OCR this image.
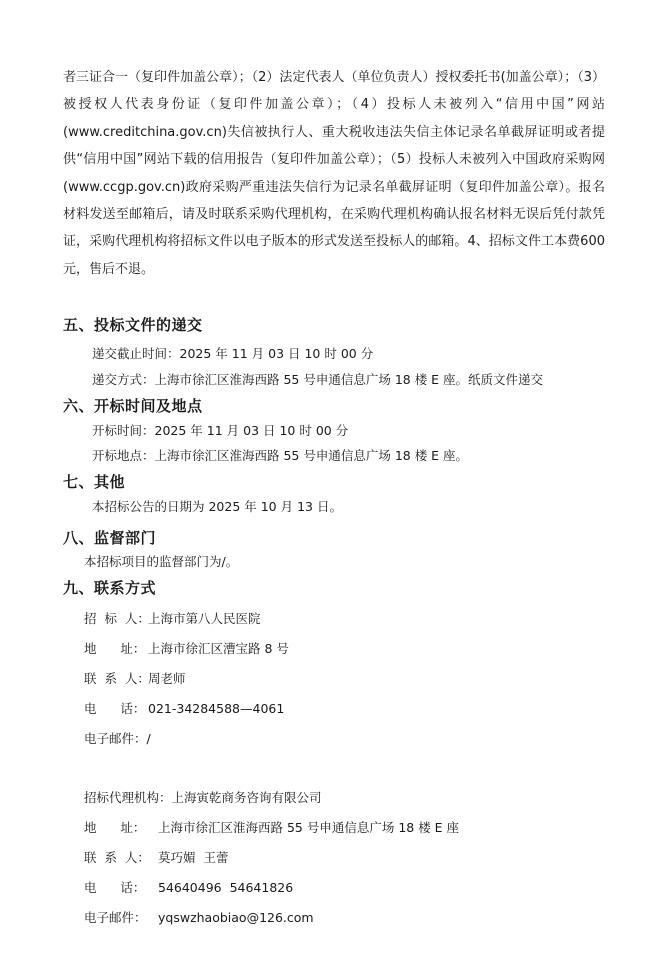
者三证合一（复印件加盖公章）；（2）法定代表人（单位负责人）授权委托书(加盖公章）；（3）被授权人代表身份证（复印件加盖公章）；（4）投标人未被列入“信用中国”网站(www.creditchina.gov.cn)失信被执行人、重大税收违法失信主体记录名单截屏证明或者提供“信用中国”网站下载的信用报告（复印件加盖公章）；（5）投标人未被列入中国政府采购网(www.ccgp.gov.cn)政府采购严重违法失信行为记录名单截屏证明（复印件加盖公章）。报名材料发送至邮箱后，请及时联系采购代理机构，在采购代理机构确认报名材料无误后凭付款凭证，采购代理机构将招标文件以电子版本的形式发送至投标人的邮箱。4、招标文件工本费600元，售后不退。

五、投标文件的递交

递交截止时间：2025 年 11 月 03 日 10 时 00 分

递交方式：上海市徐汇区淮海西路 55 号申通信息广场 18 楼 E 座。纸质文件递交

六、开标时间及地点

开标时间：2025 年 11 月 03 日 10 时 00 分

开标地点：上海市徐汇区淮海西路 55 号申通信息广场 18 楼 E 座。

七、其他

本招标公告的日期为 2025 年 10 月 13 日。

八、监督部门

本招标项目的监督部门为/。

九、联系方式

招  标  人：上海市第八人民医院

地      址： 上海市徐汇区漕宝路 8 号

联  系  人：周老师

电      话： 021-34284588—4061

电子邮件：/

招标代理机构：上海寅乾商务咨询有限公司

地      址： 上海市徐汇区淮海西路 55 号申通信息广场 18 楼 E 座

联  系  人： 莫巧媚  王蕾

电      话： 54640496  54641826

电子邮件： yqswzhaobiao@126.com
